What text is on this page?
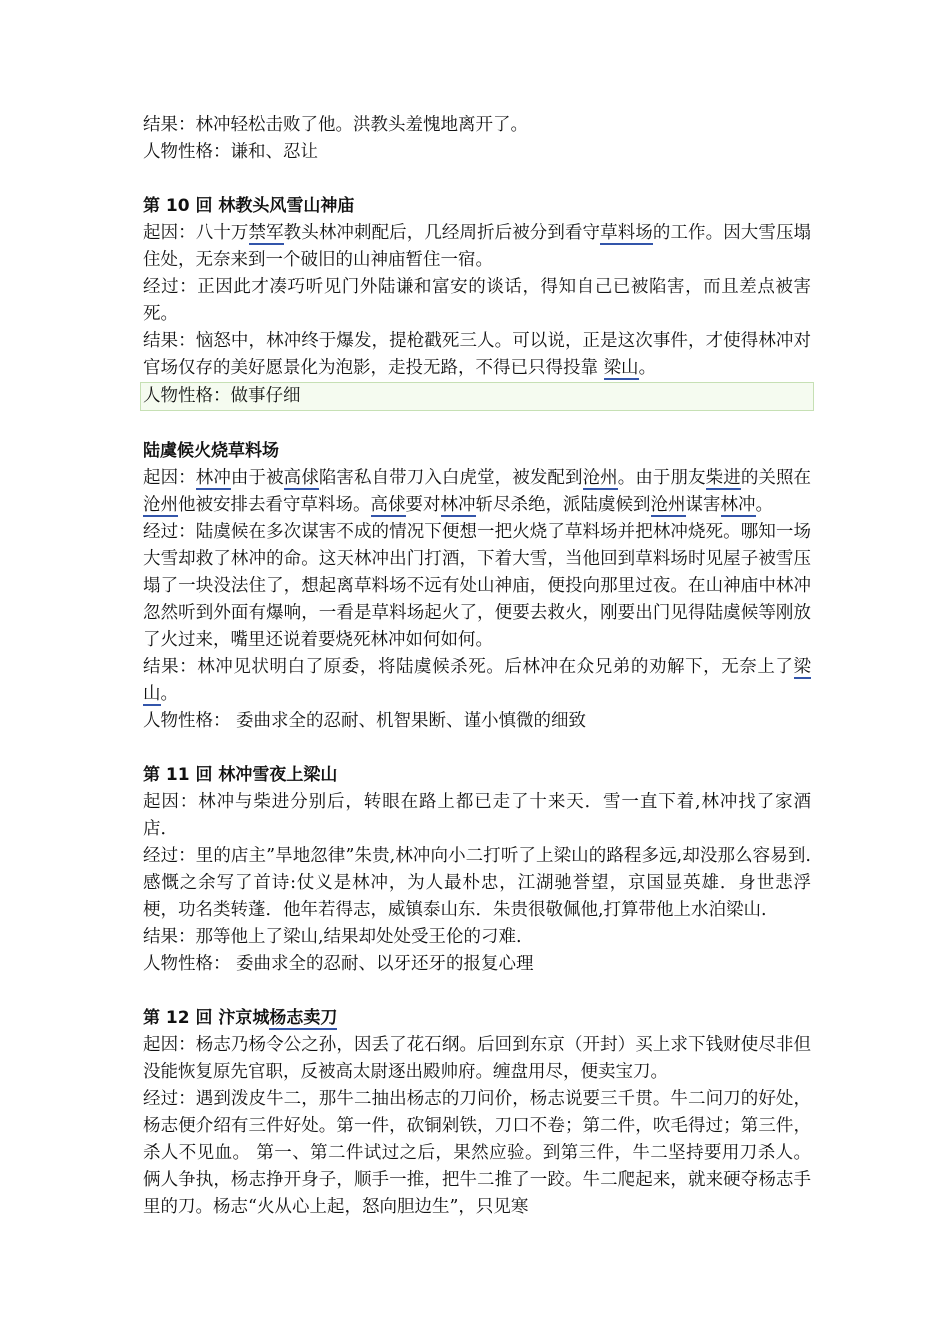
结果：林冲轻松击败了他。洪教头羞愧地离开了。

人物性格：谦和、忍让

第 10 回 林教头风雪山神庙

起因：八十万禁军教头林冲刺配后，几经周折后被分到看守草料场的工作。因大雪压塌住处，无奈来到一个破旧的山神庙暂住一宿。

经过：正因此才凑巧听见门外陆谦和富安的谈话，得知自己已被陷害，而且差点被害死。

结果：恼怒中，林冲终于爆发，提枪戳死三人。可以说，正是这次事件，才使得林冲对官场仅存的美好愿景化为泡影，走投无路，不得已只得投靠 梁山。

人物性格：做事仔细

陆虞候火烧草料场

起因：林冲由于被高俅陷害私自带刀入白虎堂，被发配到沧州。由于朋友柴进的关照在沧州他被安排去看守草料场。高俅要对林冲斩尽杀绝，派陆虞候到沧州谋害林冲。

经过：陆虞候在多次谋害不成的情况下便想一把火烧了草料场并把林冲烧死。哪知一场大雪却救了林冲的命。这天林冲出门打酒，下着大雪，当他回到草料场时见屋子被雪压塌了一块没法住了，想起离草料场不远有处山神庙，便投向那里过夜。在山神庙中林冲忽然听到外面有爆响，一看是草料场起火了，便要去救火，刚要出门见得陆虞候等刚放了火过来，嘴里还说着要烧死林冲如何如何。

结果：林冲见状明白了原委，将陆虞候杀死。后林冲在众兄弟的劝解下，无奈上了梁山。

人物性格： 委曲求全的忍耐、机智果断、谨小慎微的细致

第 11 回 林冲雪夜上梁山

起因：林冲与柴进分别后，转眼在路上都已走了十来天．雪一直下着,林冲找了家酒店．

经过：里的店主”旱地忽律”朱贵,林冲向小二打听了上梁山的路程多远,却没那么容易到.感慨之余写了首诗:仗义是林冲，为人最朴忠，江湖驰誉望，京国显英雄．身世悲浮梗，功名类转蓬．他年若得志，威镇泰山东．朱贵很敬佩他,打算带他上水泊梁山.

结果：那等他上了梁山,结果却处处受王伦的刁难.

人物性格： 委曲求全的忍耐、以牙还牙的报复心理

第 12 回 汴京城杨志卖刀

起因：杨志乃杨令公之孙，因丢了花石纲。后回到东京（开封）买上求下钱财使尽非但没能恢复原先官职，反被高太尉逐出殿帅府。缠盘用尽，便卖宝刀。

经过：遇到泼皮牛二，那牛二抽出杨志的刀问价，杨志说要三千贯。牛二问刀的好处，杨志便介绍有三件好处。第一件，砍铜剁铁，刀口不卷；第二件，吹毛得过；第三件，杀人不见血。 第一、第二件试过之后，果然应验。到第三件，牛二坚持要用刀杀人。俩人争执，杨志挣开身子，顺手一推，把牛二推了一跤。牛二爬起来，就来硬夺杨志手里的刀。杨志“火从心上起，怒向胆边生”，只见寒
